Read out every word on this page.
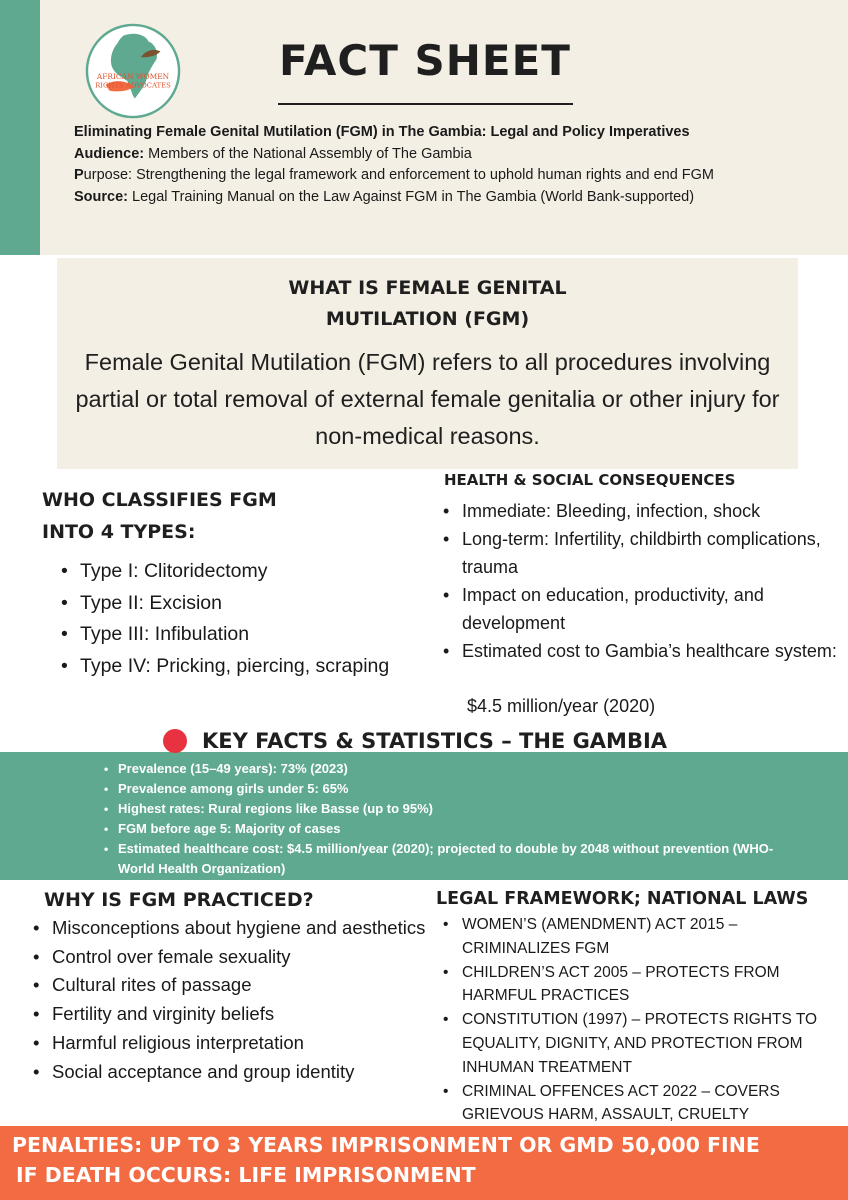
AFRICAN WOMEN
RIGHTS ADVOCATES
FACT SHEET
Eliminating Female Genital Mutilation (FGM) in The Gambia: Legal and Policy Imperatives
Audience: Members of the National Assembly of The Gambia
Purpose: Strengthening the legal framework and enforcement to uphold human rights and end FGM
Source: Legal Training Manual on the Law Against FGM in The Gambia (World Bank-supported)
WHAT IS FEMALE GENITAL
MUTILATION (FGM)
Female Genital Mutilation (FGM) refers to all procedures involving partial or total removal of external female genitalia or other injury for non-medical reasons.
WHO CLASSIFIES FGM
INTO 4 TYPES:
• Type I: Clitoridectomy
• Type II: Excision
• Type III: Infibulation
• Type IV: Pricking, piercing, scraping
HEALTH & SOCIAL CONSEQUENCES
• Immediate: Bleeding, infection, shock
• Long-term: Infertility, childbirth complications, trauma
• Impact on education, productivity, and development
• Estimated cost to Gambia’s healthcare system:
$4.5 million/year (2020)
KEY FACTS & STATISTICS – THE GAMBIA
• Prevalence (15–49 years): 73% (2023)
• Prevalence among girls under 5: 65%
• Highest rates: Rural regions like Basse (up to 95%)
• FGM before age 5: Majority of cases
• Estimated healthcare cost: $4.5 million/year (2020); projected to double by 2048 without prevention (WHO-World Health Organization)
WHY IS FGM PRACTICED?
• Misconceptions about hygiene and aesthetics
• Control over female sexuality
• Cultural rites of passage
• Fertility and virginity beliefs
• Harmful religious interpretation
• Social acceptance and group identity
LEGAL FRAMEWORK; NATIONAL LAWS
• WOMEN’S (AMENDMENT) ACT 2015 – CRIMINALIZES FGM
• CHILDREN’S ACT 2005 – PROTECTS FROM HARMFUL PRACTICES
• CONSTITUTION (1997) – PROTECTS RIGHTS TO EQUALITY, DIGNITY, AND PROTECTION FROM INHUMAN TREATMENT
• CRIMINAL OFFENCES ACT 2022 – COVERS GRIEVOUS HARM, ASSAULT, CRUELTY
PENALTIES: UP TO 3 YEARS IMPRISONMENT OR GMD 50,000 FINE
IF DEATH OCCURS: LIFE IMPRISONMENT
